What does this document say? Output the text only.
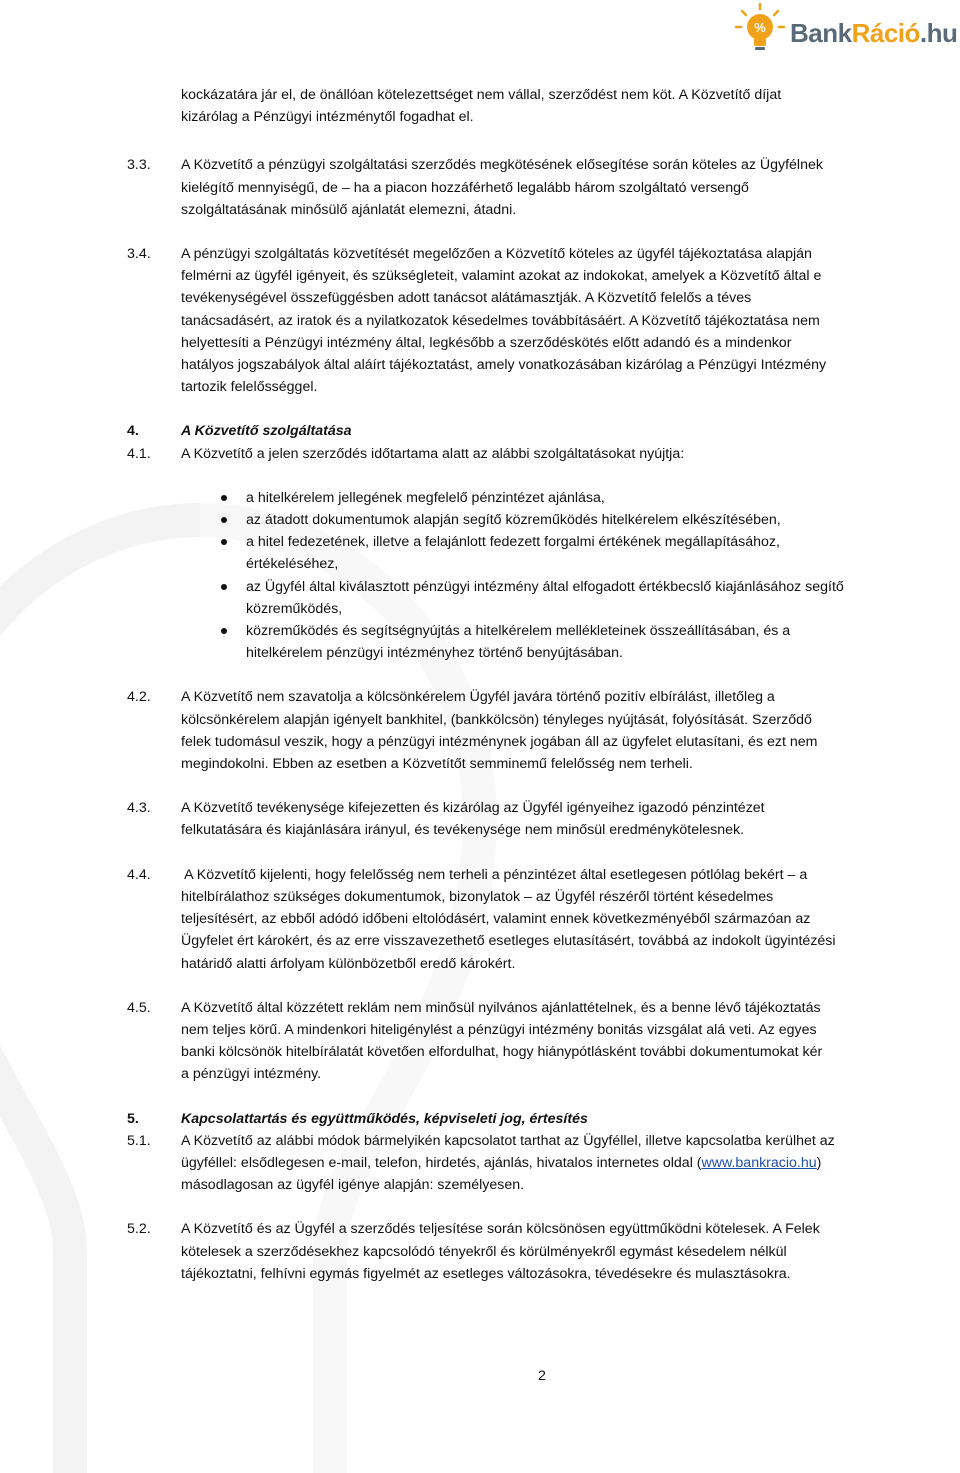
% BankRáció.hu
kockázatára jár el, de önállóan kötelezettséget nem vállal, szerződést nem köt. A Közvetítő díjat
kizárólag a Pénzügyi intézménytől fogadhat el.
3.3. A Közvetítő a pénzügyi szolgáltatási szerződés megkötésének elősegítése során köteles az Ügyfélnek
kielégítő mennyiségű, de – ha a piacon hozzáférhető legalább három szolgáltató versengő
szolgáltatásának minősülő ajánlatát elemezni, átadni.
3.4. A pénzügyi szolgáltatás közvetítését megelőzően a Közvetítő köteles az ügyfél tájékoztatása alapján
felmérni az ügyfél igényeit, és szükségleteit, valamint azokat az indokokat, amelyek a Közvetítő által e
tevékenységével összefüggésben adott tanácsot alátámasztják. A Közvetítő felelős a téves
tanácsadásért, az iratok és a nyilatkozatok késedelmes továbbításáért. A Közvetítő tájékoztatása nem
helyettesíti a Pénzügyi intézmény által, legkésőbb a szerződéskötés előtt adandó és a mindenkor
hatályos jogszabályok által aláírt tájékoztatást, amely vonatkozásában kizárólag a Pénzügyi Intézmény
tartozik felelősséggel.
4.	A Közvetítő szolgáltatása
4.1. A Közvetítő a jelen szerződés időtartama alatt az alábbi szolgáltatásokat nyújtja:
a hitelkérelem jellegének megfelelő pénzintézet ajánlása,
az átadott dokumentumok alapján segítő közreműködés hitelkérelem elkészítésében,
a hitel fedezetének, illetve a felajánlott fedezett forgalmi értékének megállapításához,
értékeléséhez,
az Ügyfél által kiválasztott pénzügyi intézmény által elfogadott értékbecslő kiajánlásához segítő
közreműködés,
közreműködés és segítségnyújtás a hitelkérelem mellékleteinek összeállításában, és a
hitelkérelem pénzügyi intézményhez történő benyújtásában.
4.2. A Közvetítő nem szavatolja a kölcsönkérelem Ügyfél javára történő pozitív elbírálást, illetőleg a
kölcsönkérelem alapján igényelt bankhitel, (bankkölcsön) tényleges nyújtását, folyósítását. Szerződő
felek tudomásul veszik, hogy a pénzügyi intézménynek jogában áll az ügyfelet elutasítani, és ezt nem
megindokolni. Ebben az esetben a Közvetítőt semminemű felelősség nem terheli.
4.3. A Közvetítő tevékenysége kifejezetten és kizárólag az Ügyfél igényeihez igazodó pénzintézet
felkutatására és kiajánlására irányul, és tevékenysége nem minősül eredménykötelesnek.
4.4. A Közvetítő kijelenti, hogy felelősség nem terheli a pénzintézet által esetlegesen pótlólag bekért – a
hitelbírálathoz szükséges dokumentumok, bizonylatok – az Ügyfél részéről történt késedelmes
teljesítésért, az ebből adódó időbeni eltolódásért, valamint ennek következményéből származóan az
Ügyfelet ért károkért, és az erre visszavezethető esetleges elutasításért, továbbá az indokolt ügyintézési
határidő alatti árfolyam különbözetből eredő károkért.
4.5. A Közvetítő által közzétett reklám nem minősül nyilvános ajánlattételnek, és a benne lévő tájékoztatás
nem teljes körű. A mindenkori hiteligénylést a pénzügyi intézmény bonitás vizsgálat alá veti. Az egyes
banki kölcsönök hitelbírálatát követően elfordulhat, hogy hiánypótlásként további dokumentumokat kér
a pénzügyi intézmény.
5.	Kapcsolattartás és együttműködés, képviseleti jog, értesítés
5.1. A Közvetítő az alábbi módok bármelyikén kapcsolatot tarthat az Ügyféllel, illetve kapcsolatba kerülhet az
ügyféllel: elsődlegesen e-mail, telefon, hirdetés, ajánlás, hivatalos internetes oldal (www.bankracio.hu)
másodlagosan az ügyfél igénye alapján: személyesen.
5.2. A Közvetítő és az Ügyfél a szerződés teljesítése során kölcsönösen együttműködni kötelesek. A Felek
kötelesek a szerződésekhez kapcsolódó tényekről és körülményekről egymást késedelem nélkül
tájékoztatni, felhívni egymás figyelmét az esetleges változásokra, tévedésekre és mulasztásokra.
2
